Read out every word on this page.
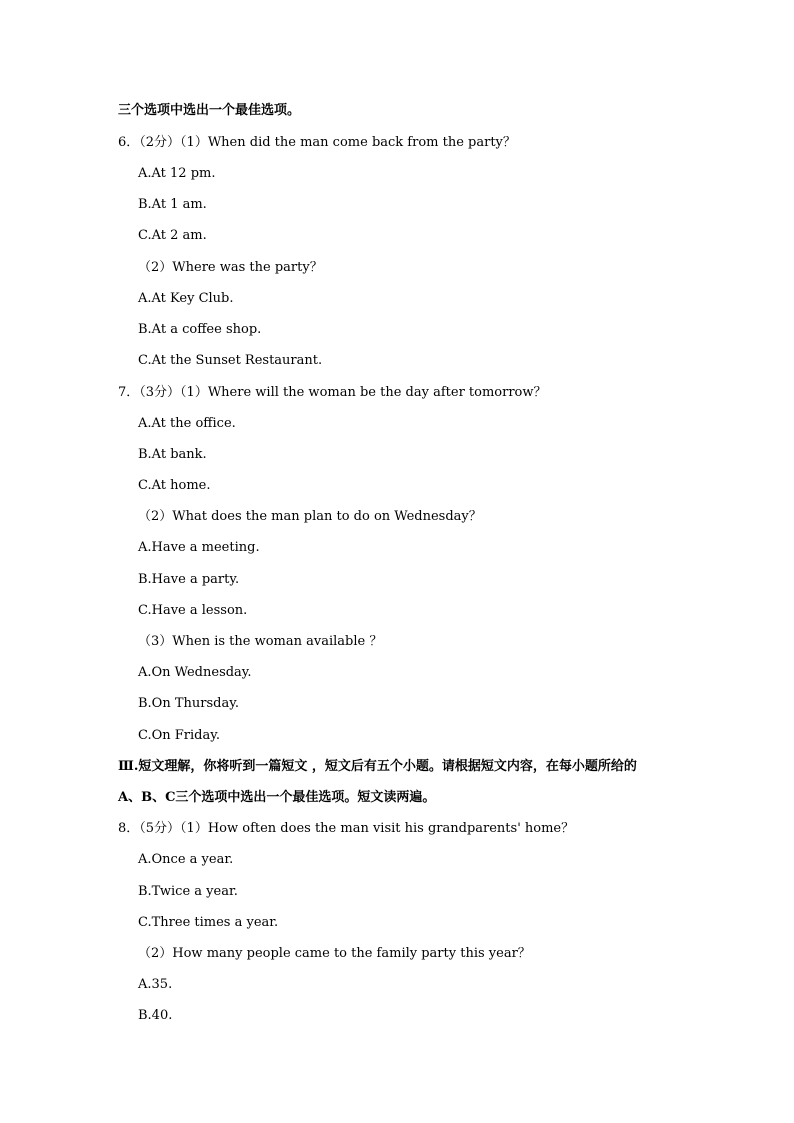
三个选项中选出一个最佳选项。
6．（2分）（1）When did the man come back from the party？
A.At 12 pm.
B.At 1 am.
C.At 2 am.
（2）Where was the party？
A.At Key Club.
B.At a coffee shop.
C.At the Sunset Restaurant.
7．（3分）（1）Where will the woman be the day after tomorrow？
A.At the office.
B.At bank.
C.At home.
（2）What does the man plan to do on Wednesday？
A.Have a meeting.
B.Have a party.
C.Have a lesson.
（3）When is the woman available ？
A.On Wednesday.
B.On Thursday.
C.On Friday.
Ⅲ.短文理解，你将听到一篇短文 ，短文后有五个小题。请根据短文内容，在每小题所给的
A、B、C三个选项中选出一个最佳选项。短文读两遍。
8．（5分）（1）How often does the man visit his grandparents' home？
A.Once a year.
B.Twice a year.
C.Three times a year.
（2）How many people came to the family party this year？
A.35.
B.40.
